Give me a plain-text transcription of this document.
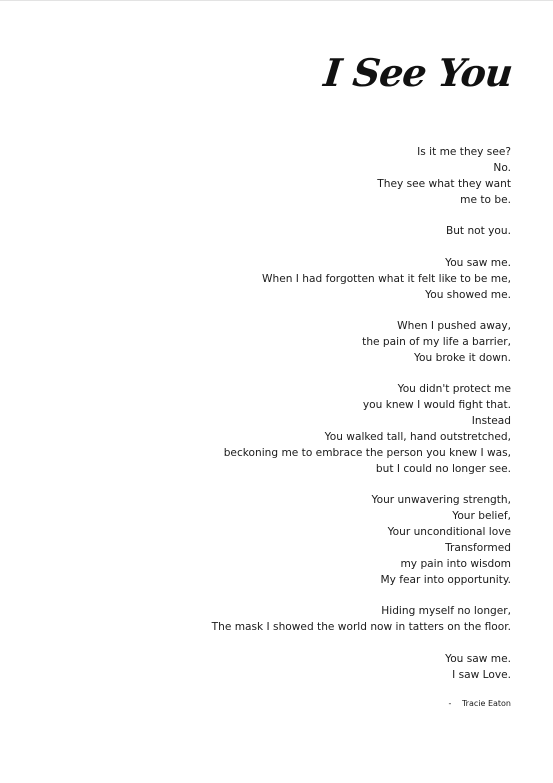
I See You
Is it me they see?
No.
They see what they want
me to be.
But not you.
You saw me.
When I had forgotten what it felt like to be me,
You showed me.
When I pushed away,
the pain of my life a barrier,
You broke it down.
You didn't protect me
you knew I would fight that.
Instead
You walked tall, hand outstretched,
beckoning me to embrace the person you knew I was,
but I could no longer see.
Your unwavering strength,
Your belief,
Your unconditional love
Transformed
my pain into wisdom
My fear into opportunity.
Hiding myself no longer,
The mask I showed the world now in tatters on the floor.
You saw me.
I saw Love.
- Tracie Eaton
